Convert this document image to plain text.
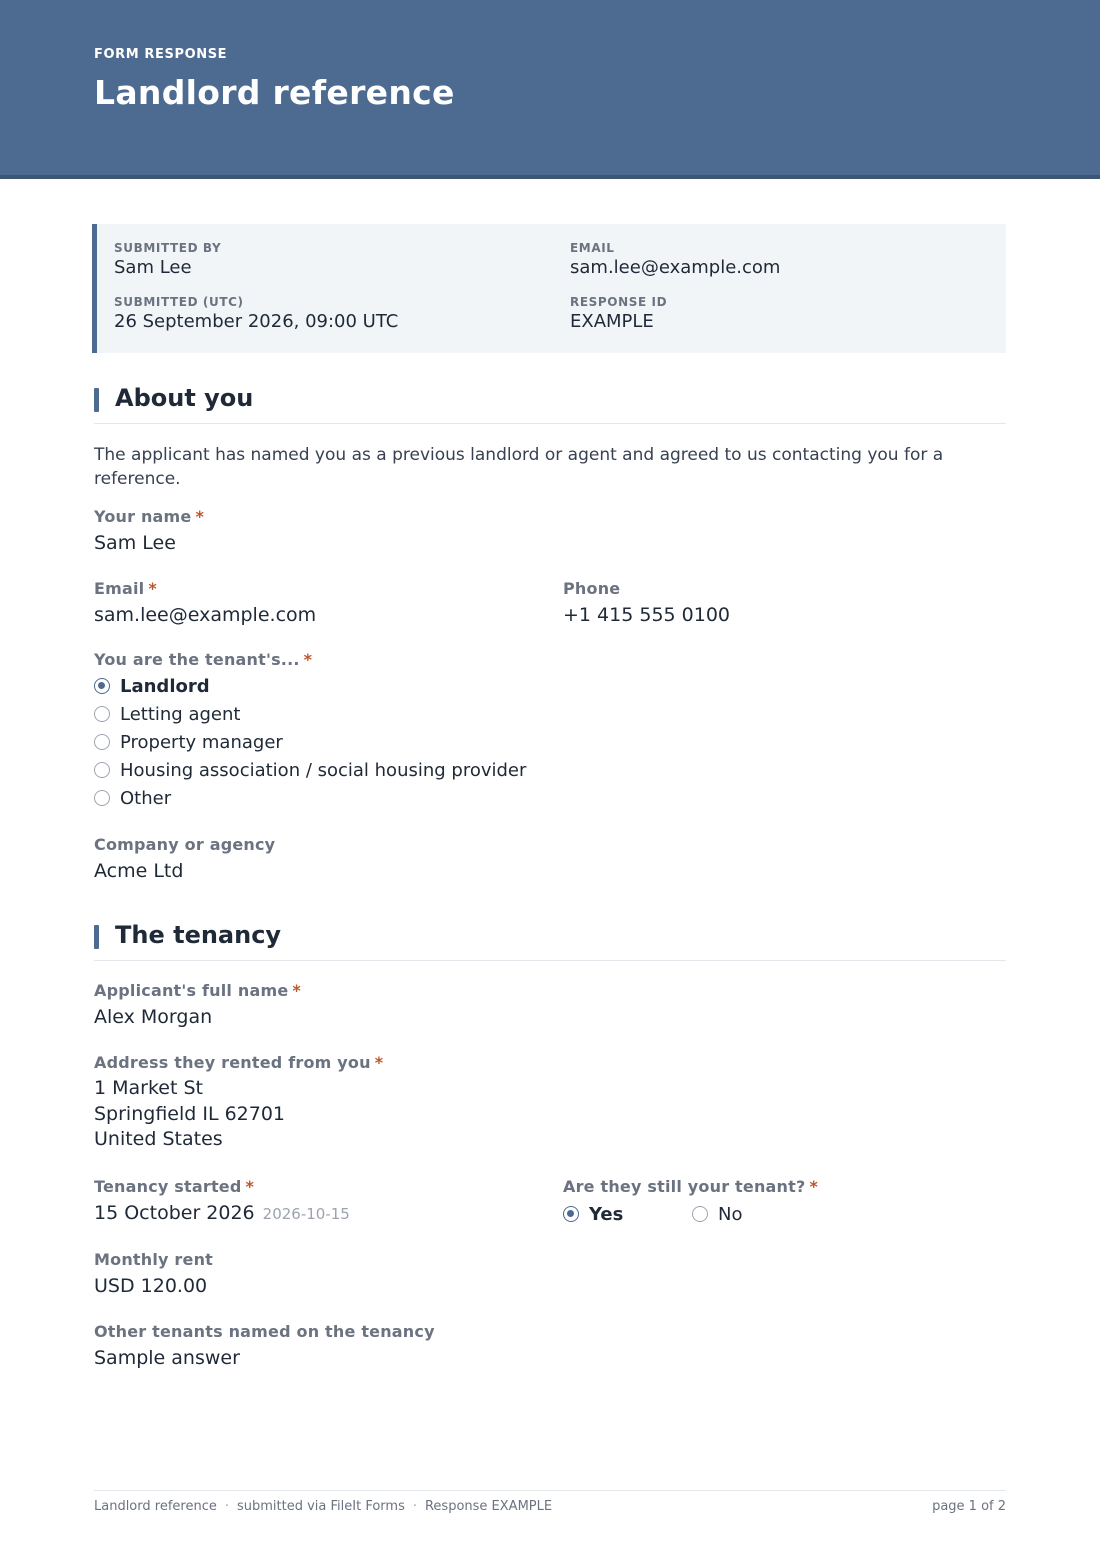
FORM RESPONSE
Landlord reference
SUBMITTED BY
Sam Lee
EMAIL
sam.lee@example.com
SUBMITTED (UTC)
26 September 2026, 09:00 UTC
RESPONSE ID
EXAMPLE
About you
The applicant has named you as a previous landlord or agent and agreed to us contacting you for a reference.
Your name *
Sam Lee
Email *
sam.lee@example.com
Phone
+1 415 555 0100
You are the tenant's... *
Landlord
Letting agent
Property manager
Housing association / social housing provider
Other
Company or agency
Acme Ltd
The tenancy
Applicant's full name *
Alex Morgan
Address they rented from you *
1 Market St
Springfield IL 62701
United States
Tenancy started *
15 October 2026 2026-10-15
Are they still your tenant? *
Yes	No
Monthly rent
USD 120.00
Other tenants named on the tenancy
Sample answer
Landlord reference · submitted via FileIt Forms · Response EXAMPLE	page 1 of 2
